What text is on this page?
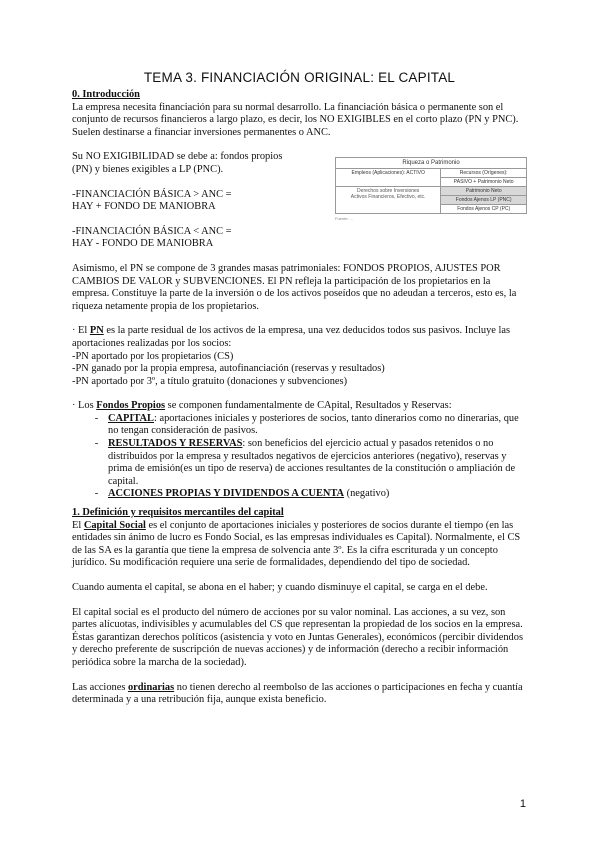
TEMA 3. FINANCIACIÓN ORIGINAL: EL CAPITAL

0. Introducción

La empresa necesita financiación para su normal desarrollo. La financiación básica o permanente son el conjunto de recursos financieros a largo plazo, es decir, los NO EXIGIBLES en el corto plazo (PN y PNC). Suelen destinarse a financiar inversiones permanentes o ANC.

Su NO EXIGIBILIDAD se debe a: fondos propios (PN) y bienes exigibles a LP (PNC).

-FINANCIACIÓN BÁSICA > ANC =

HAY + FONDO DE MANIOBRA

-FINANCIACIÓN BÁSICA < ANC =

HAY - FONDO DE MANIOBRA

Riqueza o Patrimonio	
Empleos (Aplicaciones): ACTIVO	Recursos (Orígenes):
	PASIVO + Patrimonio Neto

Derechos sobre Inversiones
Activos Financieros, Efectivo, etc.	Patrimonio Neto
	Fondos Ajenos LP (PNC)
	Fondos Ajenos CP (PC)
Fuente: ...

Asimismo, el PN se compone de 3 grandes masas patrimoniales: FONDOS PROPIOS, AJUSTES POR CAMBIOS DE VALOR y SUBVENCIONES. El PN refleja la participación de los propietarios en la empresa. Constituye la parte de la inversión o de los activos poseídos que no adeudan a terceros, esto es, la riqueza netamente propia de los propietarios.

· El PN es la parte residual de los activos de la empresa, una vez deducidos todos sus pasivos. Incluye las aportaciones realizadas por los socios:

-PN aportado por los propietarios (CS)

-PN ganado por la propia empresa, autofinanciación (reservas y resultados)

-PN aportado por 3º, a título gratuito (donaciones y subvenciones)

· Los Fondos Propios se componen fundamentalmente de CApital, Resultados y Reservas:

• CAPITAL: aportaciones iniciales y posteriores de socios, tanto dinerarios como no dinerarias, que no tengan consideración de pasivos.
• RESULTADOS Y RESERVAS: son beneficios del ejercicio actual y pasados retenidos o no distribuidos por la empresa y resultados negativos de ejercicios anteriores (negativo), reservas y prima de emisión(es un tipo de reserva) de acciones resultantes de la constitución o ampliación de capital.
• ACCIONES PROPIAS Y DIVIDENDOS A CUENTA (negativo)

1. Definición y requisitos mercantiles del capital

El Capital Social es el conjunto de aportaciones iniciales y posteriores de socios durante el tiempo (en las entidades sin ánimo de lucro es Fondo Social, es las empresas individuales es Capital). Normalmente, el CS de las SA es la garantía que tiene la empresa de solvencia ante 3º. Es la cifra escriturada y un concepto jurídico. Su modificación requiere una serie de formalidades, dependiendo del tipo de sociedad.

Cuando aumenta el capital, se abona en el haber; y cuando disminuye el capital, se carga en el debe.

El capital social es el producto del número de acciones por su valor nominal. Las acciones, a su vez, son partes alícuotas, indivisibles y acumulables del CS que representan la propiedad de los socios en la empresa. Éstas garantizan derechos políticos (asistencia y voto en Juntas Generales), económicos (percibir dividendos y derecho preferente de suscripción de nuevas acciones) y de información (derecho a recibir información periódica sobre la marcha de la sociedad).

Las acciones ordinarias no tienen derecho al reembolso de las acciones o participaciones en fecha y cuantía determinada y a una retribución fija, aunque exista beneficio.

1
